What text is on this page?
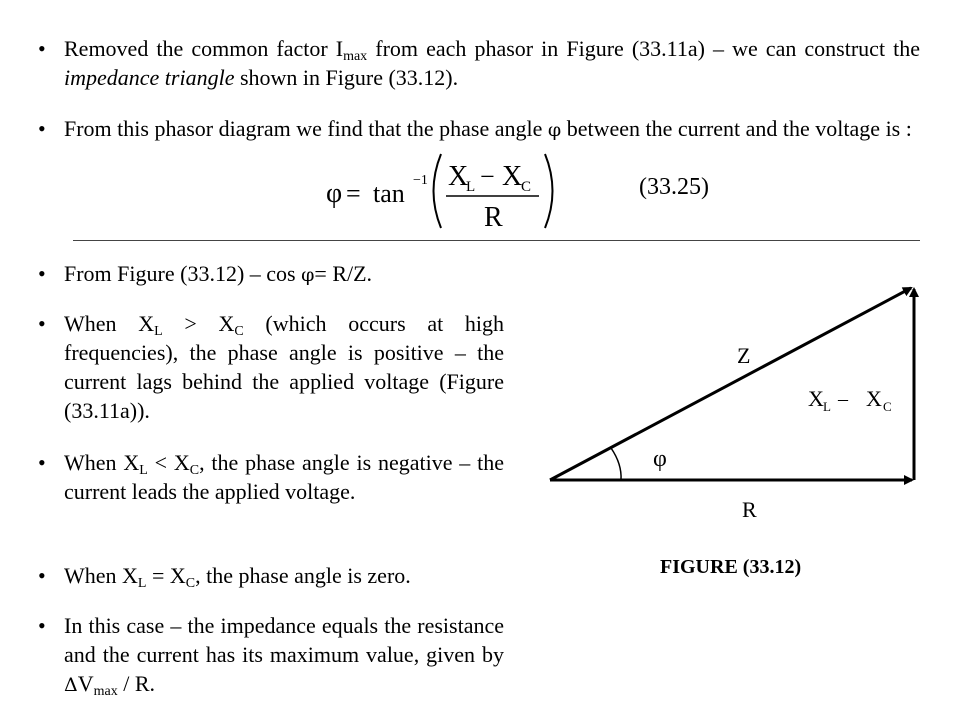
• Removed the common factor $I_{max}$ from each phasor in Figure (33.11a) – we can construct the impedance triangle shown in Figure (33.12).
• From this phasor diagram we find that the phase angle φ between the current and the voltage is :
φ = tan −1 X
L − X
C
R
(33.25)
• From Figure (33.12) – cos φ= R/Z.
• When $X_L > X_C$ (which occurs at high frequencies), the phase angle is positive – the current lags behind the applied voltage (Figure (33.11a)).
• When $X_L < X_C$, the phase angle is negative – the current leads the applied voltage.
• When $X_L = X_C$, the phase angle is zero.
• In this case – the impedance equals the resistance and the current has its maximum value, given by $\Delta V_{max}$ / R.
Z
X L – X C
φ
R
FIGURE (33.12)
